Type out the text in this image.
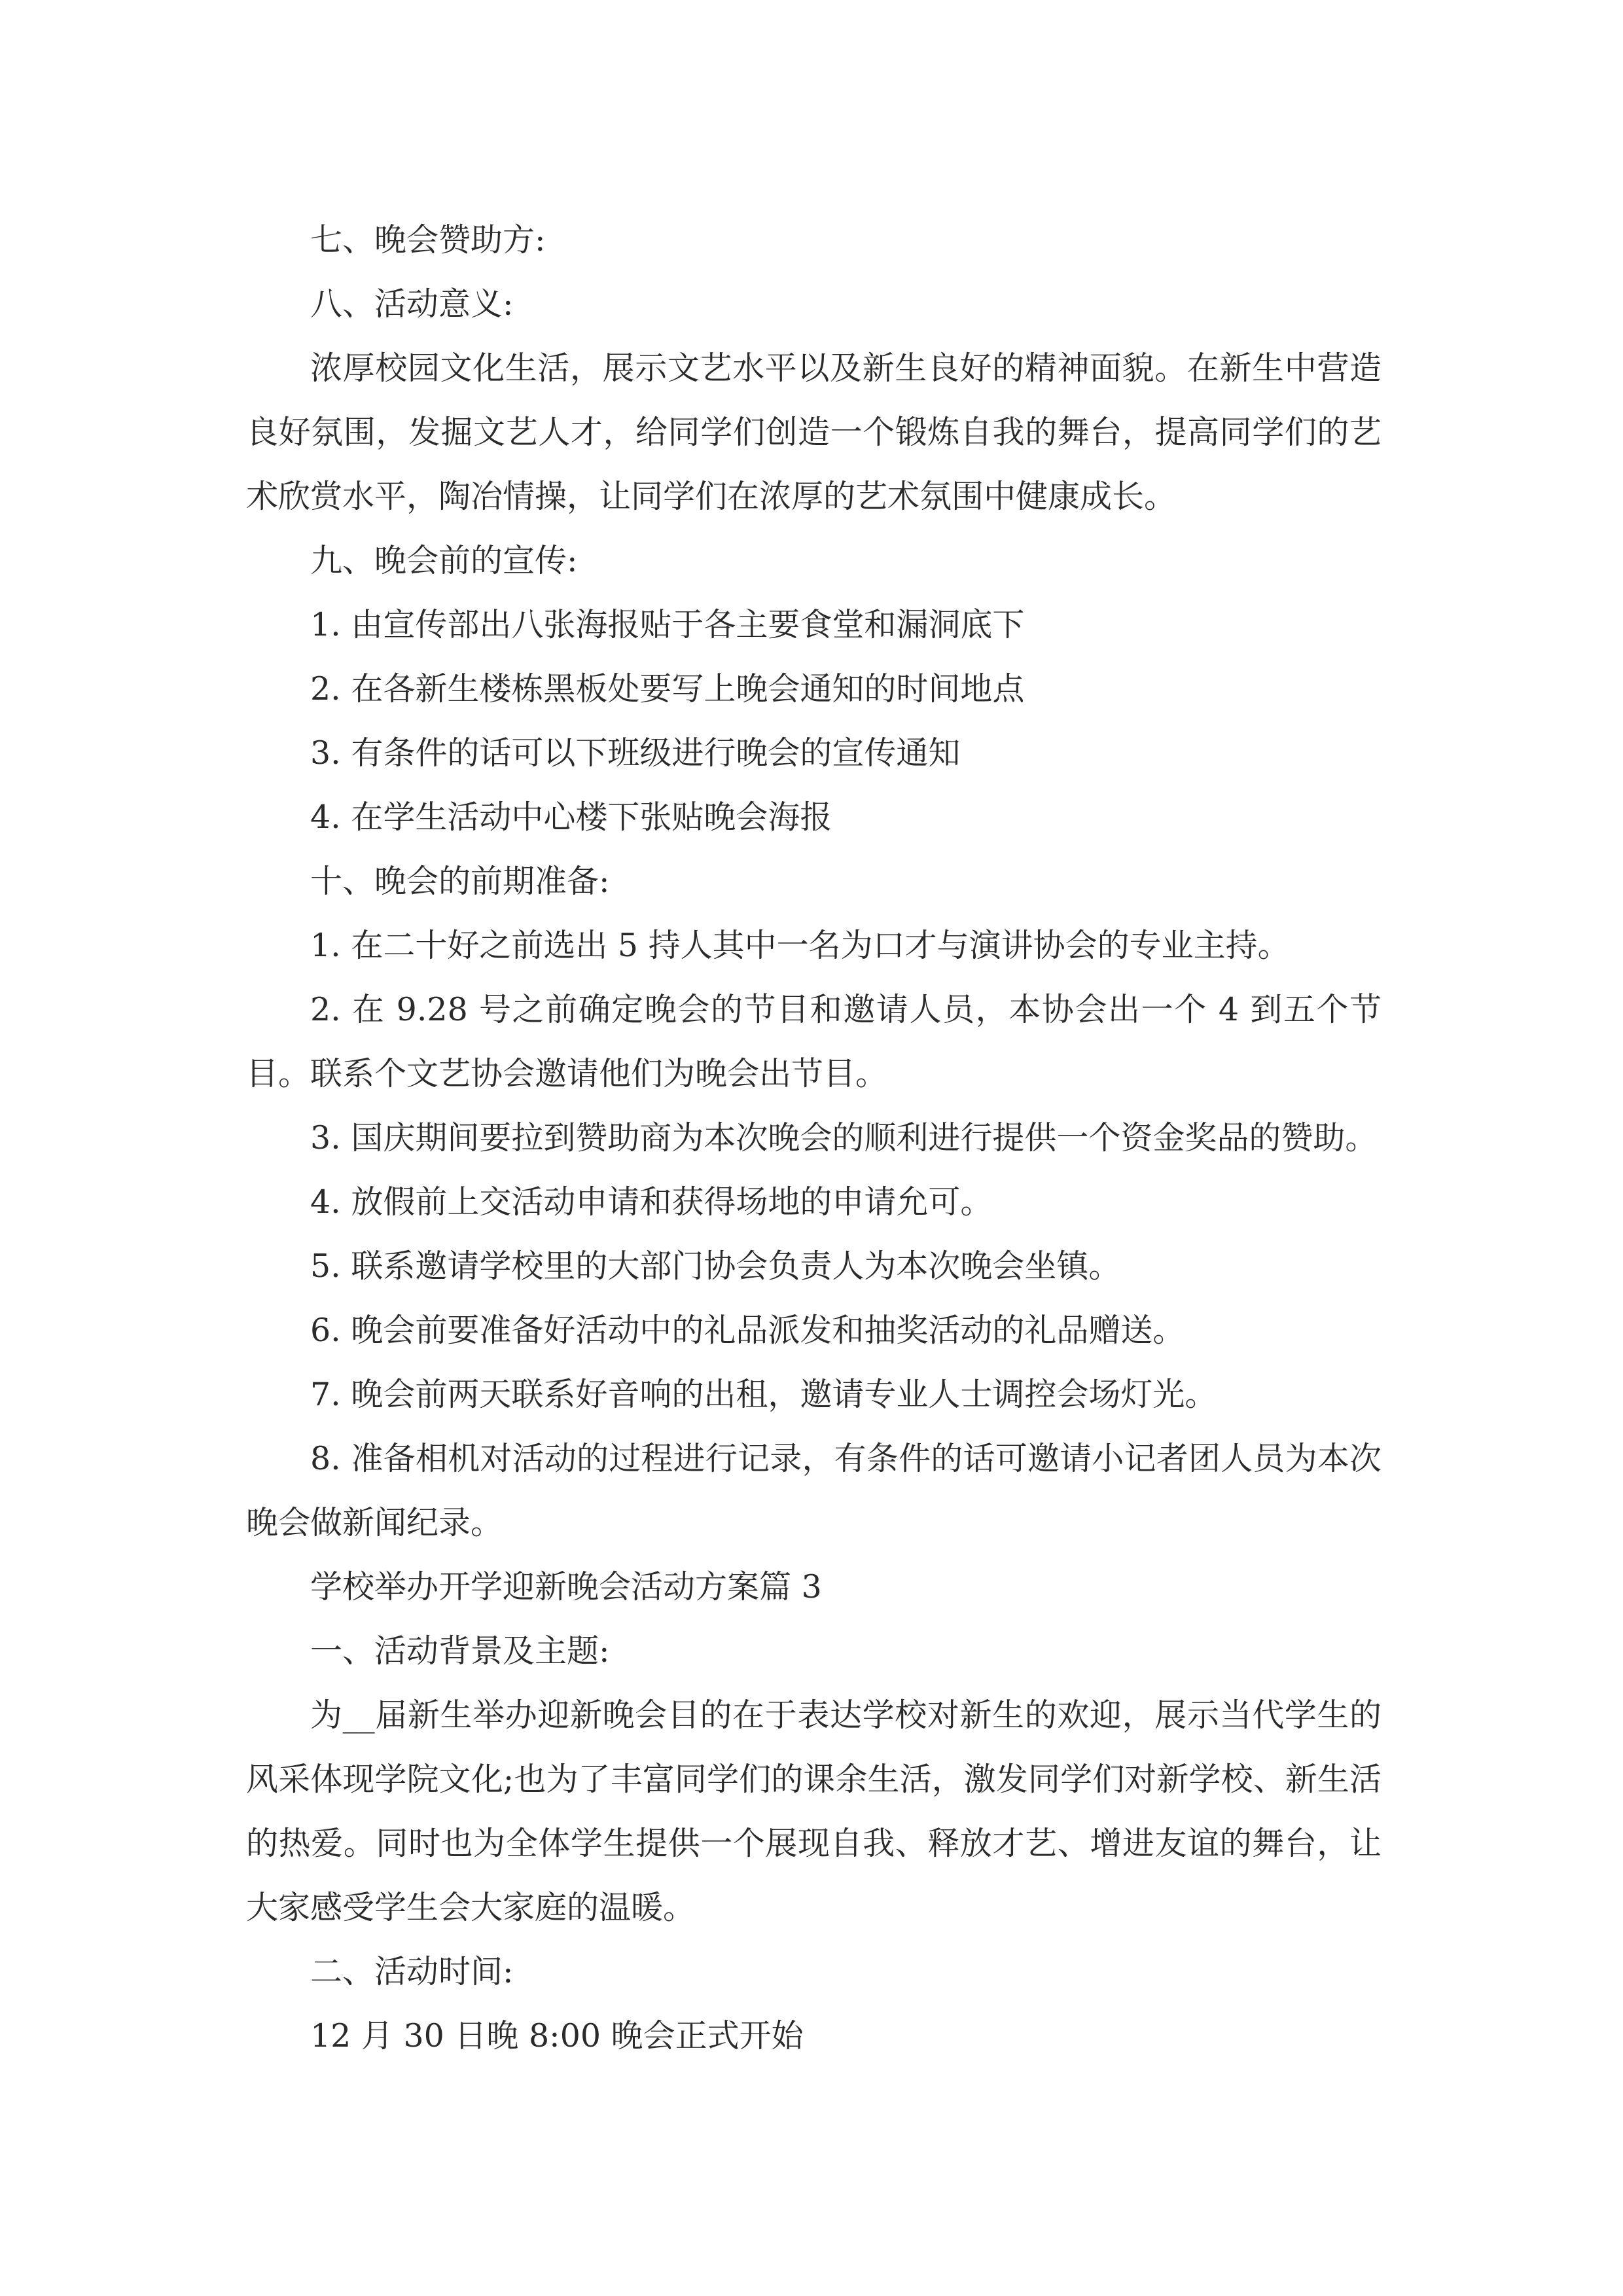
七、晚会赞助方:

八、活动意义:

浓厚校园文化生活，展示文艺水平以及新生良好的精神面貌。在新生中营造良好氛围，发掘文艺人才，给同学们创造一个锻炼自我的舞台，提高同学们的艺术欣赏水平，陶冶情操，让同学们在浓厚的艺术氛围中健康成长。

九、晚会前的宣传:

1. 由宣传部出八张海报贴于各主要食堂和漏洞底下

2. 在各新生楼栋黑板处要写上晚会通知的时间地点

3. 有条件的话可以下班级进行晚会的宣传通知

4. 在学生活动中心楼下张贴晚会海报

十、晚会的前期准备:

1. 在二十好之前选出 5 持人其中一名为口才与演讲协会的专业主持。

2. 在 9.28 号之前确定晚会的节目和邀请人员，本协会出一个 4 到五个节目。联系个文艺协会邀请他们为晚会出节目。

3. 国庆期间要拉到赞助商为本次晚会的顺利进行提供一个资金奖品的赞助。

4. 放假前上交活动申请和获得场地的申请允可。

5. 联系邀请学校里的大部门协会负责人为本次晚会坐镇。

6. 晚会前要准备好活动中的礼品派发和抽奖活动的礼品赠送。

7. 晚会前两天联系好音响的出租，邀请专业人士调控会场灯光。

8. 准备相机对活动的过程进行记录，有条件的话可邀请小记者团人员为本次晚会做新闻纪录。

学校举办开学迎新晚会活动方案篇 3

一、活动背景及主题:

为__届新生举办迎新晚会目的在于表达学校对新生的欢迎，展示当代学生的风采体现学院文化;也为了丰富同学们的课余生活，激发同学们对新学校、新生活的热爱。同时也为全体学生提供一个展现自我、释放才艺、增进友谊的舞台，让大家感受学生会大家庭的温暖。

二、活动时间:

12 月 30 日晚 8:00 晚会正式开始
